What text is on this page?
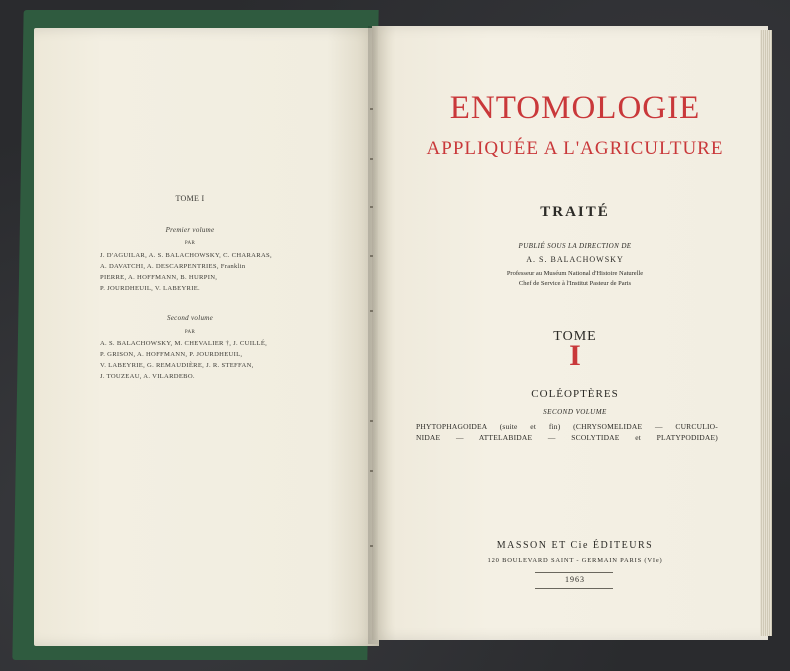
TOME I
Premier volume
PAR
J. D'AGUILAR, A. S. BALACHOWSKY, C. CHARARAS,
A. DAVATCHI, A. DESCARPENTRIES, Franklin
PIERRE, A. HOFFMANN, B. HURPIN,
P. JOURDHEUIL, V. LABEYRIE.
Second volume
PAR
A. S. BALACHOWSKY, M. CHEVALIER †, J. CUILLÉ,
P. GRISON, A. HOFFMANN, P. JOURDHEUIL,
V. LABEYRIE, G. REMAUDIÈRE, J. R. STEFFAN,
J. TOUZEAU, A. VILARDEBO.
ENTOMOLOGIE
APPLIQUÉE A L'AGRICULTURE
TRAITÉ
PUBLIÉ SOUS LA DIRECTION DE
A. S. BALACHOWSKY
Professeur au Muséum National d'Histoire Naturelle
Chef de Service à l'Institut Pasteur de Paris
TOME
I
COLÉOPTÈRES
SECOND VOLUME
PHYTOPHAGOIDEA (suite et fin) (CHRYSOMELIDAE — CURCULIO-
NIDAE — ATTELABIDAE — SCOLYTIDAE et PLATYPODIDAE)
MASSON ET Cie ÉDITEURS
120 BOULEVARD SAINT - GERMAIN PARIS (VIe)
1963
